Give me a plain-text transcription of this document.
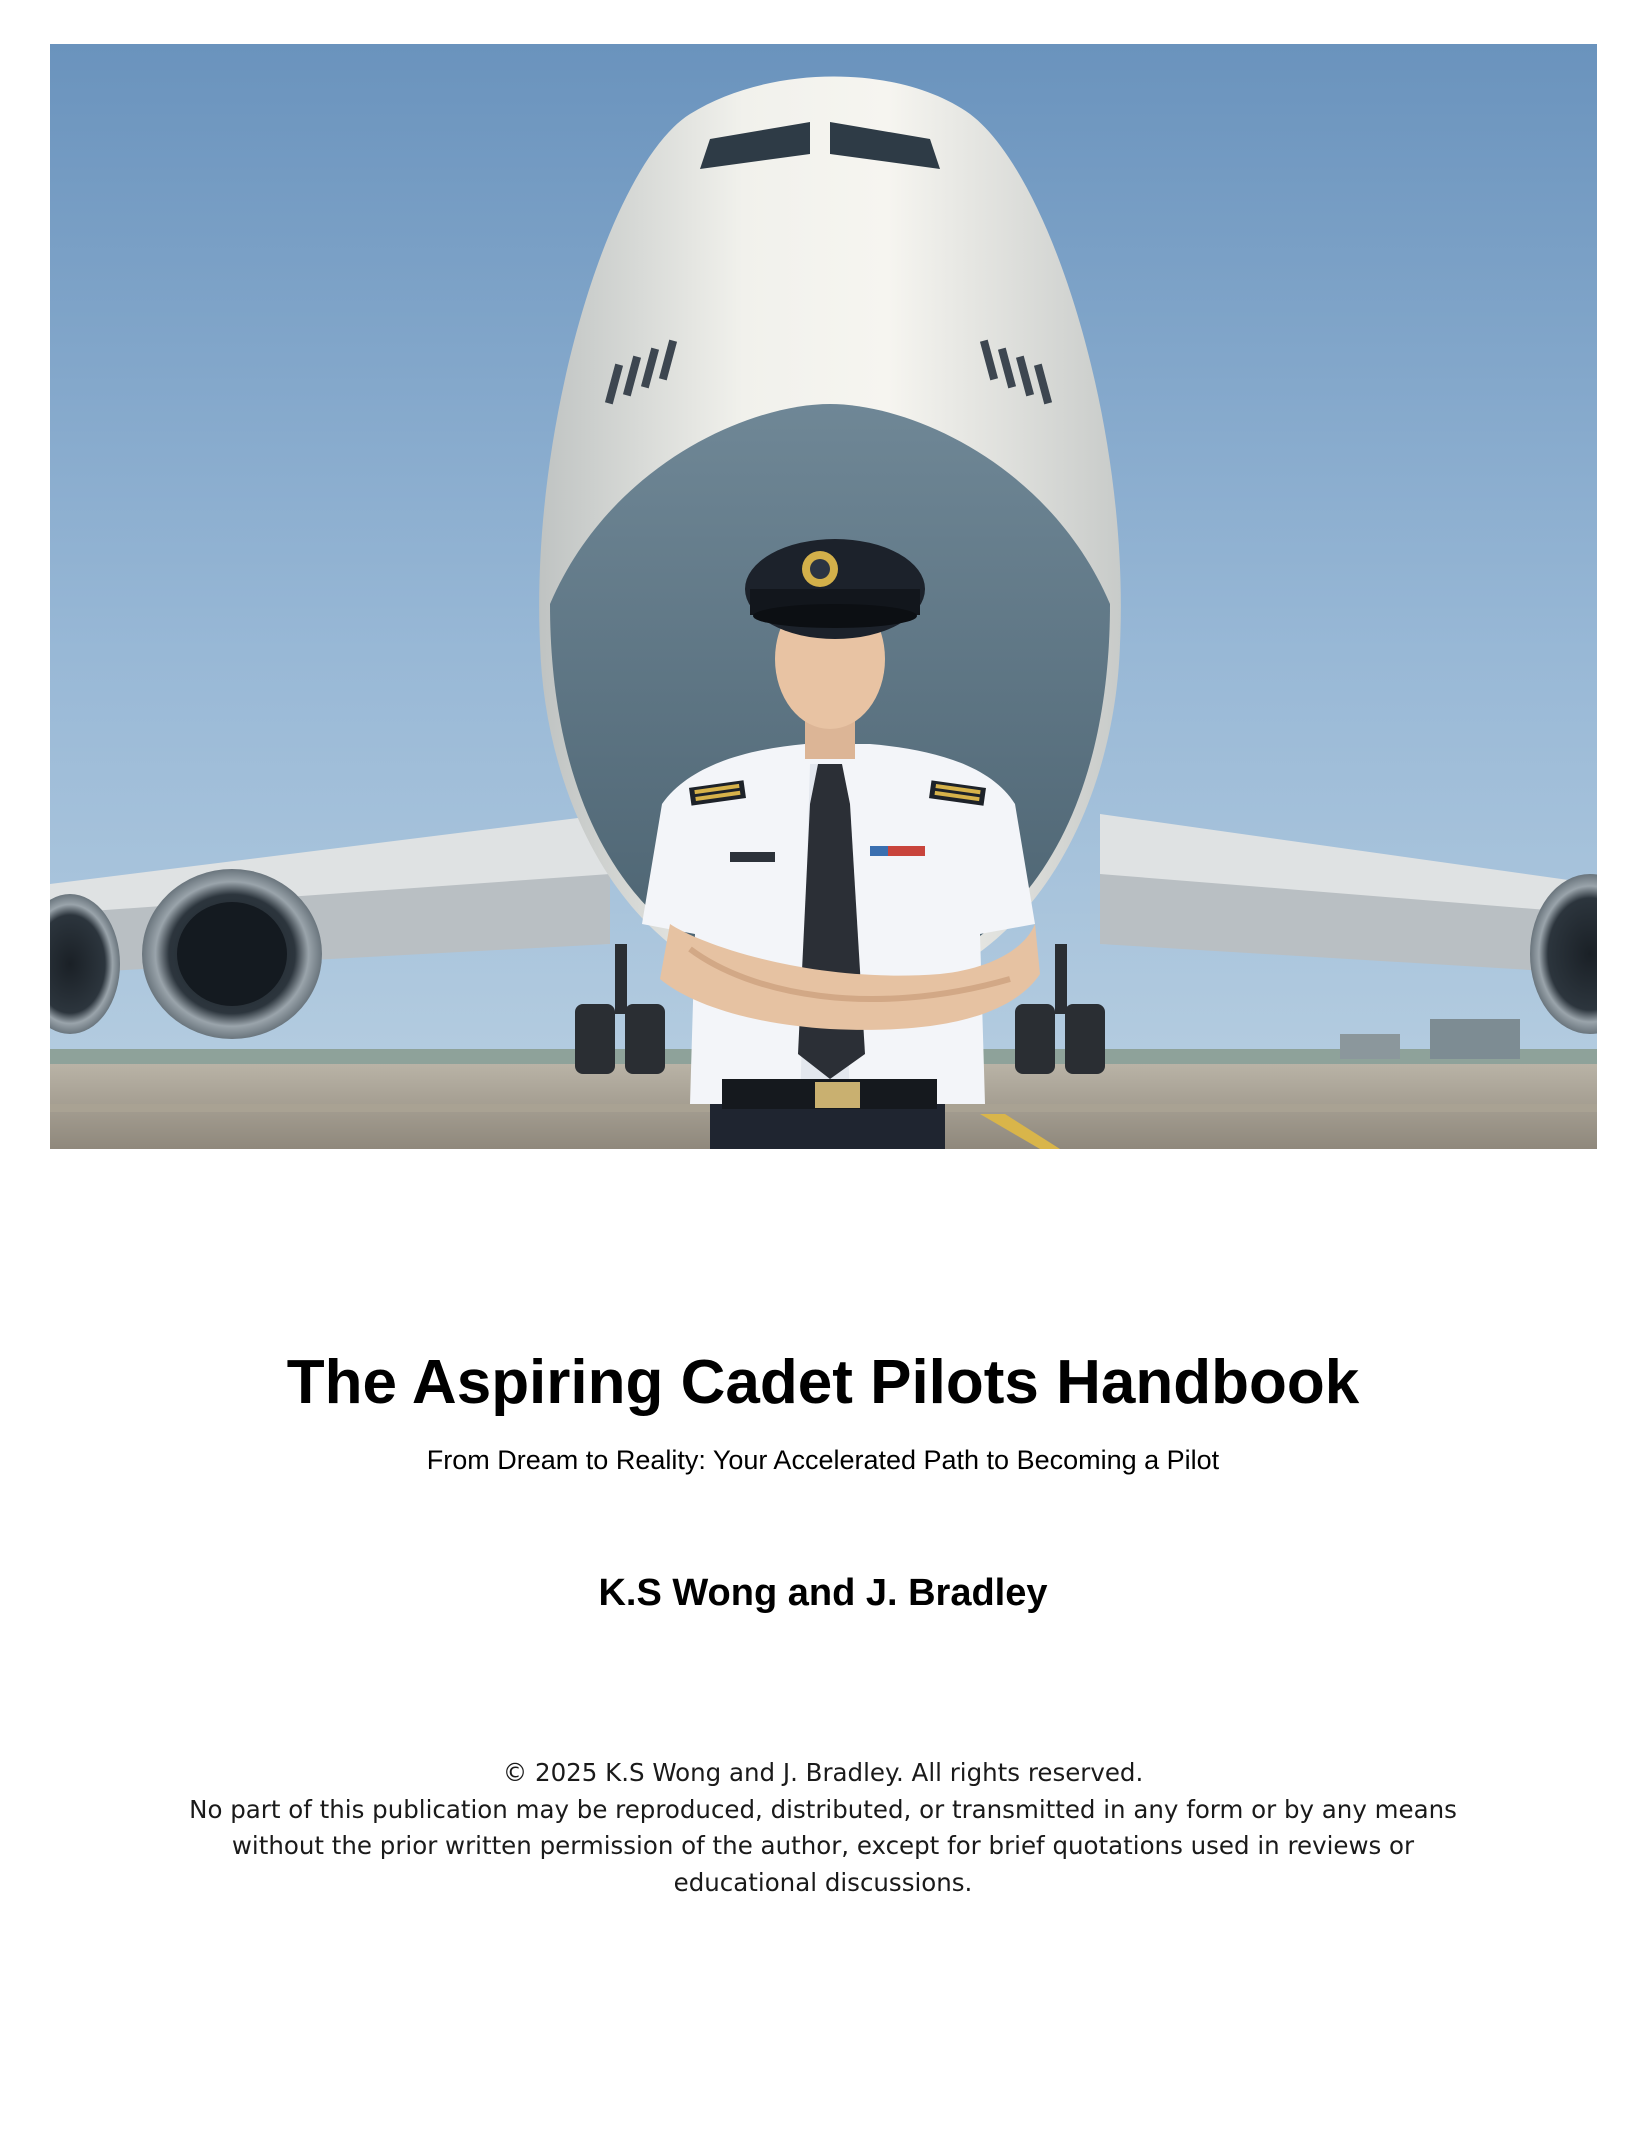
The Aspiring Cadet Pilots Handbook
From Dream to Reality: Your Accelerated Path to Becoming a Pilot
K.S Wong and J. Bradley

© 2025 K.S Wong and J. Bradley. All rights reserved.

No part of this publication may be reproduced, distributed, or transmitted in any form or by any means without the prior written permission of the author, except for brief quotations used in reviews or educational discussions.
